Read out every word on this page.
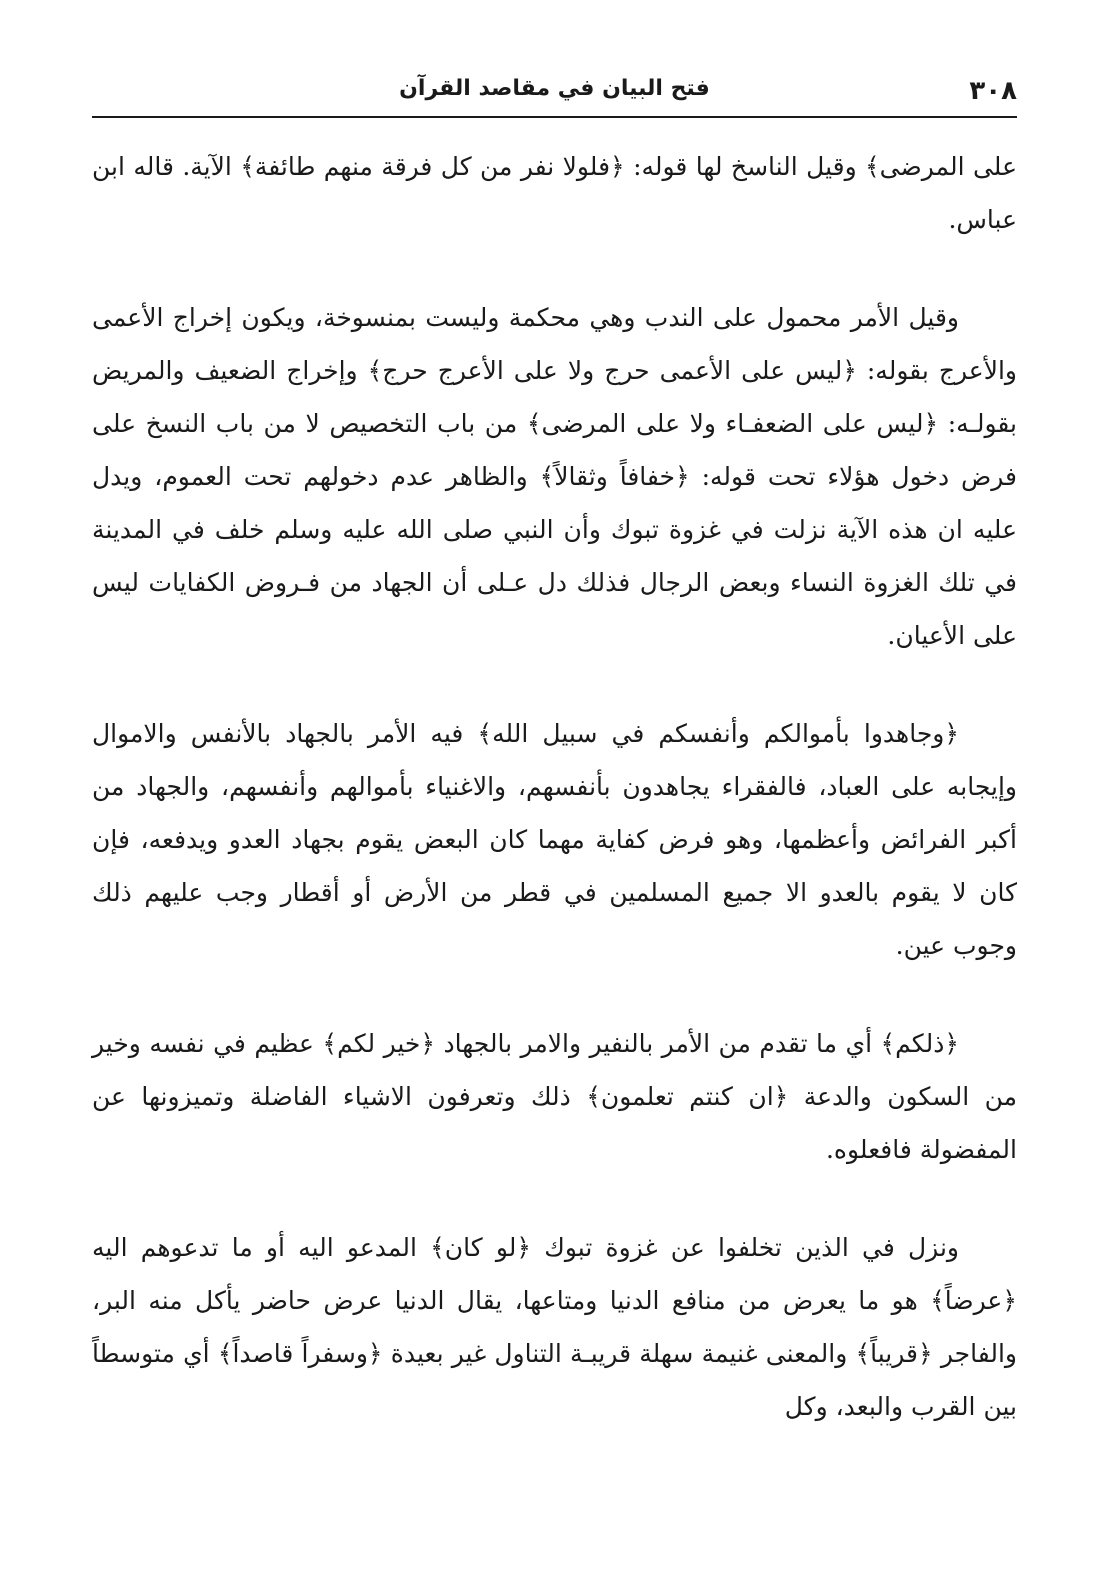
٣٠٨
فتح البيان في مقاصد القرآن

على المرضى﴾ وقيل الناسخ لها قوله: ﴿فلولا نفر من كل فرقة منهم طائفة﴾ الآية. قاله ابن عباس.

وقيل الأمر محمول على الندب وهي محكمة وليست بمنسوخة، ويكون إخراج الأعمى والأعرج بقوله: ﴿ليس على الأعمى حرج ولا على الأعرج حرج﴾ وإخراج الضعيف والمريض بقولـه: ﴿ليس على الضعفـاء ولا على المرضى﴾ من باب التخصيص لا من باب النسخ على فرض دخول هؤلاء تحت قوله: ﴿خفافاً وثقالاً﴾ والظاهر عدم دخولهم تحت العموم، ويدل عليه ان هذه الآية نزلت في غزوة تبوك وأن النبي صلى الله عليه وسلم خلف في المدينة في تلك الغزوة النساء وبعض الرجال فذلك دل عـلى أن الجهاد من فـروض الكفايات ليس على الأعيان.

﴿وجاهدوا بأموالكم وأنفسكم في سبيل الله﴾ فيه الأمر بالجهاد بالأنفس والاموال وإيجابه على العباد، فالفقراء يجاهدون بأنفسهم، والاغنياء بأموالهم وأنفسهم، والجهاد من أكبر الفرائض وأعظمها، وهو فرض كفاية مهما كان البعض يقوم بجهاد العدو ويدفعه، فإن كان لا يقوم بالعدو الا جميع المسلمين في قطر من الأرض أو أقطار وجب عليهم ذلك وجوب عين.

﴿ذلكم﴾ أي ما تقدم من الأمر بالنفير والامر بالجهاد ﴿خير لكم﴾ عظيم في نفسه وخير من السكون والدعة ﴿ان كنتم تعلمون﴾ ذلك وتعرفون الاشياء الفاضلة وتميزونها عن المفضولة فافعلوه.

ونزل في الذين تخلفوا عن غزوة تبوك ﴿لو كان﴾ المدعو اليه أو ما تدعوهم اليه ﴿عرضاً﴾ هو ما يعرض من منافع الدنيا ومتاعها، يقال الدنيا عرض حاضر يأكل منه البر، والفاجر ﴿قريباً﴾ والمعنى غنيمة سهلة قريبـة التناول غير بعيدة ﴿وسفراً قاصداً﴾ أي متوسطاً بين القرب والبعد، وكل
